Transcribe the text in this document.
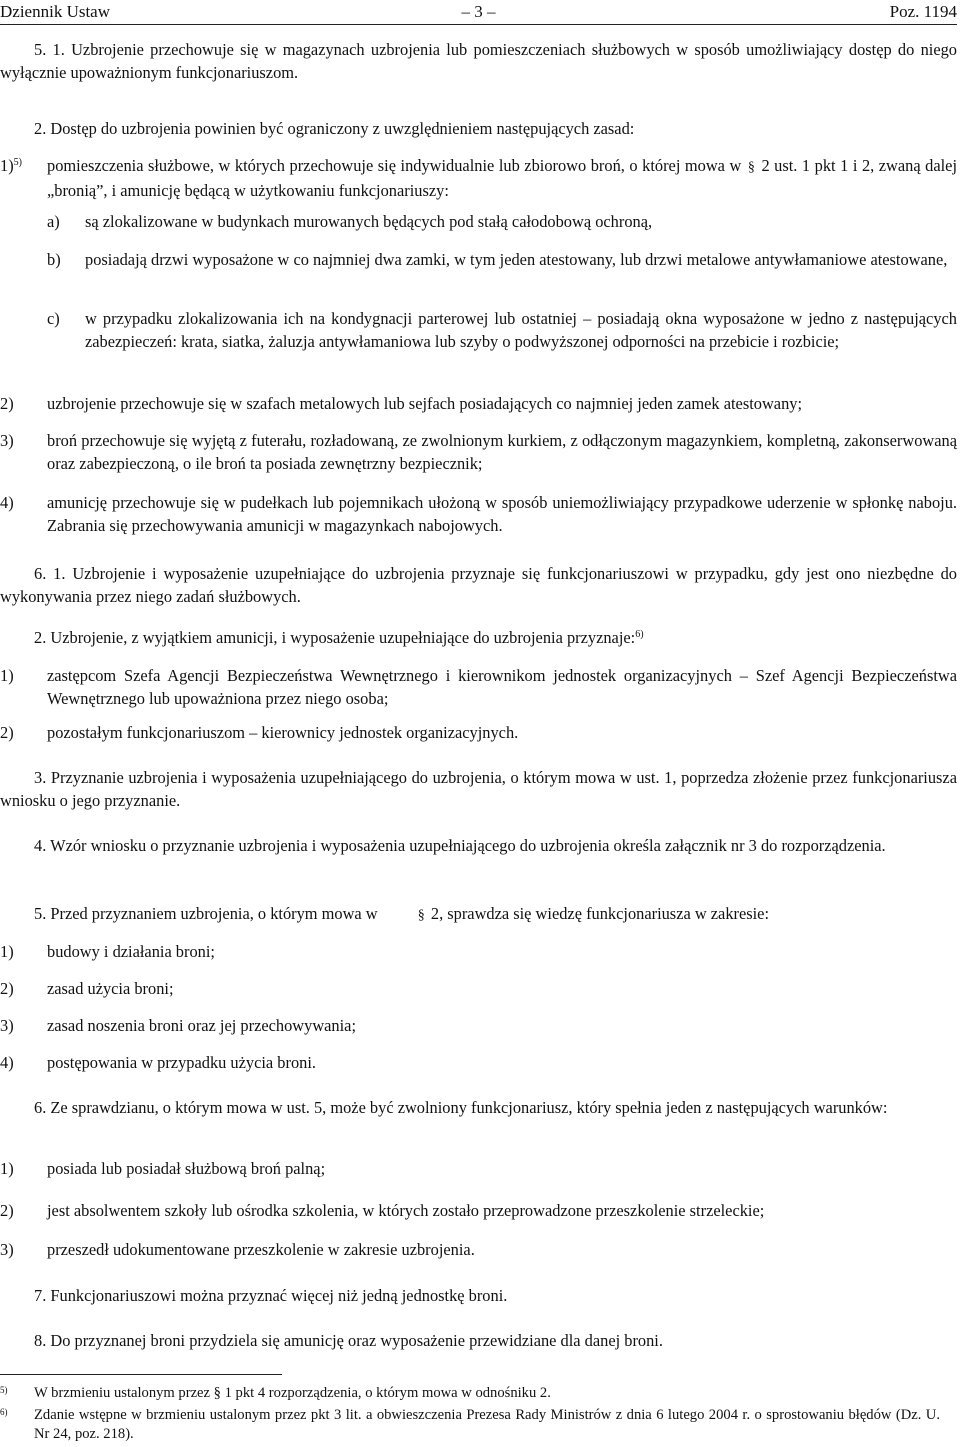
Dziennik Ustaw	– 3 –	Poz. 1194
5. 1. Uzbrojenie przechowuje się w magazynach uzbrojenia lub pomieszczeniach służbowych w sposób umożliwiający dostęp do niego wyłącznie upoważnionym funkcjonariuszom.
2. Dostęp do uzbrojenia powinien być ograniczony z uwzględnieniem następujących zasad:
1)$^{5)}$ pomieszczenia służbowe, w których przechowuje się indywidualnie lub zbiorowo broń, o której mowa w § 2 ust. 1 pkt 1 i 2, zwaną dalej „bronią”, i amunicję będącą w użytkowaniu funkcjonariuszy:
a) są zlokalizowane w budynkach murowanych będących pod stałą całodobową ochroną,
b) posiadają drzwi wyposażone w co najmniej dwa zamki, w tym jeden atestowany, lub drzwi metalowe antywłamaniowe atestowane,
c) w przypadku zlokalizowania ich na kondygnacji parterowej lub ostatniej – posiadają okna wyposażone w jedno z następujących zabezpieczeń: krata, siatka, żaluzja antywłamaniowa lub szyby o podwyższonej odporności na przebicie i rozbicie;
2) uzbrojenie przechowuje się w szafach metalowych lub sejfach posiadających co najmniej jeden zamek atestowany;
3) broń przechowuje się wyjętą z futerału, rozładowaną, ze zwolnionym kurkiem, z odłączonym magazynkiem, kompletną, zakonserwowaną oraz zabezpieczoną, o ile broń ta posiada zewnętrzny bezpiecznik;
4) amunicję przechowuje się w pudełkach lub pojemnikach ułożoną w sposób uniemożliwiający przypadkowe uderzenie w spłonkę naboju. Zabrania się przechowywania amunicji w magazynkach nabojowych.
6. 1. Uzbrojenie i wyposażenie uzupełniające do uzbrojenia przyznaje się funkcjonariuszowi w przypadku, gdy jest ono niezbędne do wykonywania przez niego zadań służbowych.
2. Uzbrojenie, z wyjątkiem amunicji, i wyposażenie uzupełniające do uzbrojenia przyznaje:$^{6)}$
1) zastępcom Szefa Agencji Bezpieczeństwa Wewnętrznego i kierownikom jednostek organizacyjnych – Szef Agencji Bezpieczeństwa Wewnętrznego lub upoważniona przez niego osoba;
2) pozostałym funkcjonariuszom – kierownicy jednostek organizacyjnych.
3. Przyznanie uzbrojenia i wyposażenia uzupełniającego do uzbrojenia, o którym mowa w ust. 1, poprzedza złożenie przez funkcjonariusza wniosku o jego przyznanie.
4. Wzór wniosku o przyznanie uzbrojenia i wyposażenia uzupełniającego do uzbrojenia określa załącznik nr 3 do rozporządzenia.
5. Przed przyznaniem uzbrojenia, o którym mowa w	§ 2, sprawdza się wiedzę funkcjonariusza w zakresie:
1) budowy i działania broni;
2) zasad użycia broni;
3) zasad noszenia broni oraz jej przechowywania;
4) postępowania w przypadku użycia broni.
6. Ze sprawdzianu, o którym mowa w ust. 5, może być zwolniony funkcjonariusz, który spełnia jeden z następujących warunków:
1) posiada lub posiadał służbową broń palną;
2) jest absolwentem szkoły lub ośrodka szkolenia, w których zostało przeprowadzone przeszkolenie strzeleckie;
3) przeszedł udokumentowane przeszkolenie w zakresie uzbrojenia.
7. Funkcjonariuszowi można przyznać więcej niż jedną jednostkę broni.
8. Do przyznanej broni przydziela się amunicję oraz wyposażenie przewidziane dla danej broni.
5) W brzmieniu ustalonym przez § 1 pkt 4 rozporządzenia, o którym mowa w odnośniku 2.
6) Zdanie wstępne w brzmieniu ustalonym przez pkt 3 lit. a obwieszczenia Prezesa Rady Ministrów z dnia 6 lutego 2004 r. o sprostowaniu błędów (Dz. U. Nr 24, poz. 218).
